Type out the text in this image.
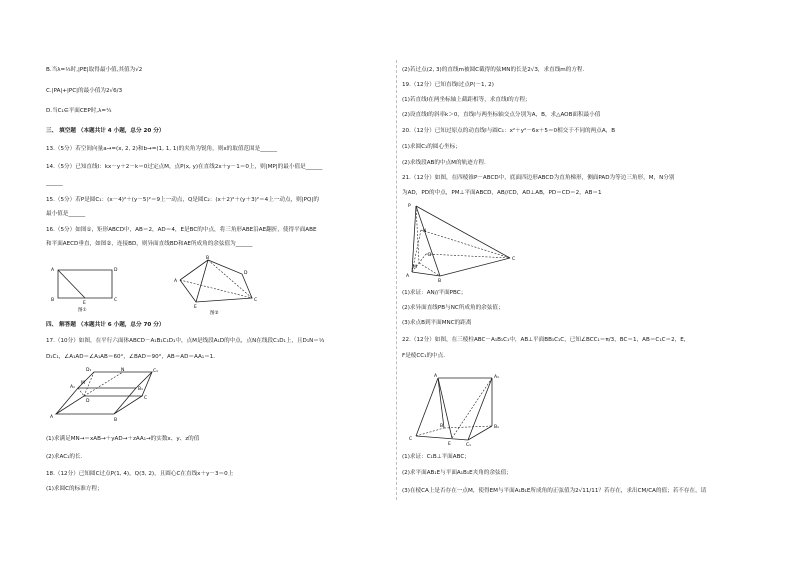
B.当λ=⅓时,|PE|取得最小值,其值为√2
C.|PA|+|PC|的最小值为2√6/3
D.当C₁∈平面CEP时,λ=¼
三、 填空题 （本题共计 4 小题，总分 20 分）
13.（5分）若空间向量a→=(x, 2, 2)和b→=(1, 1, 1)的夹角为锐角，则x的取值范围是______
14.（5分）已知直线l：kx－y＋2－k＝0过定点M，点P(x, y)在直线2x＋y－1＝0上，则|MP|的最小值是______
______
15.（5分）若P是圆C₁：(x－4)²＋(y－5)²＝9上一动点，Q是圆C₂：(x＋2)²＋(y＋3)²＝4上一动点，则|PQ|的
最小值是______
16.（5分）如图①，矩形ABCD中，AB＝2，AD＝4，E是BC的中点，将三角形ABE沿AE翻折，使得平面ABE
和平面AECD垂直，如图②，连接BD，则异面直线BD和AE所成角的余弦值为______
A	D
B
E
C
图①
B
A
E
C
D
图②
四、 解答题 （本题共计 6 小题，总分 70 分）
17.（10分）如图，在平行六面体ABCD－A₁B₁C₁D₁中，点M是线段A₁D的中点，点N在线段C₁D₁上，且D₁N＝⅓
D₁C₁，∠A₁AD＝∠A₁AB＝60°，∠BAD＝90°，AB＝AD＝AA₁＝1．
D₁	C₁
A₁	B₁
N
M
D
C
A
B
(1)求满足MN→＝xAB→＋yAD→＋zAA₁→的实数x、y、z的值
(2)求AC₁的长.
18.（12分）已知圆C过点P(1, 4)，Q(3, 2)，且圆心C在直线x＋y－3＝0上
(1)求圆C的标准方程；
(2)若过点(2, 3)的直线m被圆C截得的弦MN的长是2√3，求直线m的方程.
19.（12分）已知直线l过点P(－1, 2)
(1)若直线l在两坐标轴上截距相等，求直线l的方程；
(2)设直线l的斜率k＞0，直线l与两坐标轴交点分别为A，B，求△AOB面积最小值
20.（12分）已知过原点的动直线l与圆C₁：x²＋y²－6x＋5＝0相交于不同的两点A，B
(1)求圆C₁的圆心坐标；
(2)求线段AB的中点M的轨迹方程.
21.（12分）如图，在四棱锥P－ABCD中，底面四边形ABCD为直角梯形，侧面PAD为等边三角形，M，N分别
为AD，PD的中点，PM⊥平面ABCD，AB//CD，AD⊥AB，PD＝CD＝2，AB＝1
P
N
D
M
A
B
C
(1)求证：AN//平面PBC；
(2)求异面直线PB与NC所成角的余弦值；
(3)求点B到平面MNC的距离
22.（12分）如图，在三棱柱ABC－A₁B₁C₁中，AB⊥平面BB₁C₁C，已知∠BCC₁＝π/3，BC＝1，AB＝C₁C＝2，E，
F是棱CC₁的中点.
A	A₁
B	B₁
C
E	C₁
(1)求证：C₁B⊥平面ABC；
(2)求平面AB₁E与平面A₁B₁E夹角的余弦值；
(3)在棱CA上是否存在一点M，使得EM与平面A₁B₁E所成角的正弦值为2√11/11？若存在，求出CM/CA的值；若不存在，请
